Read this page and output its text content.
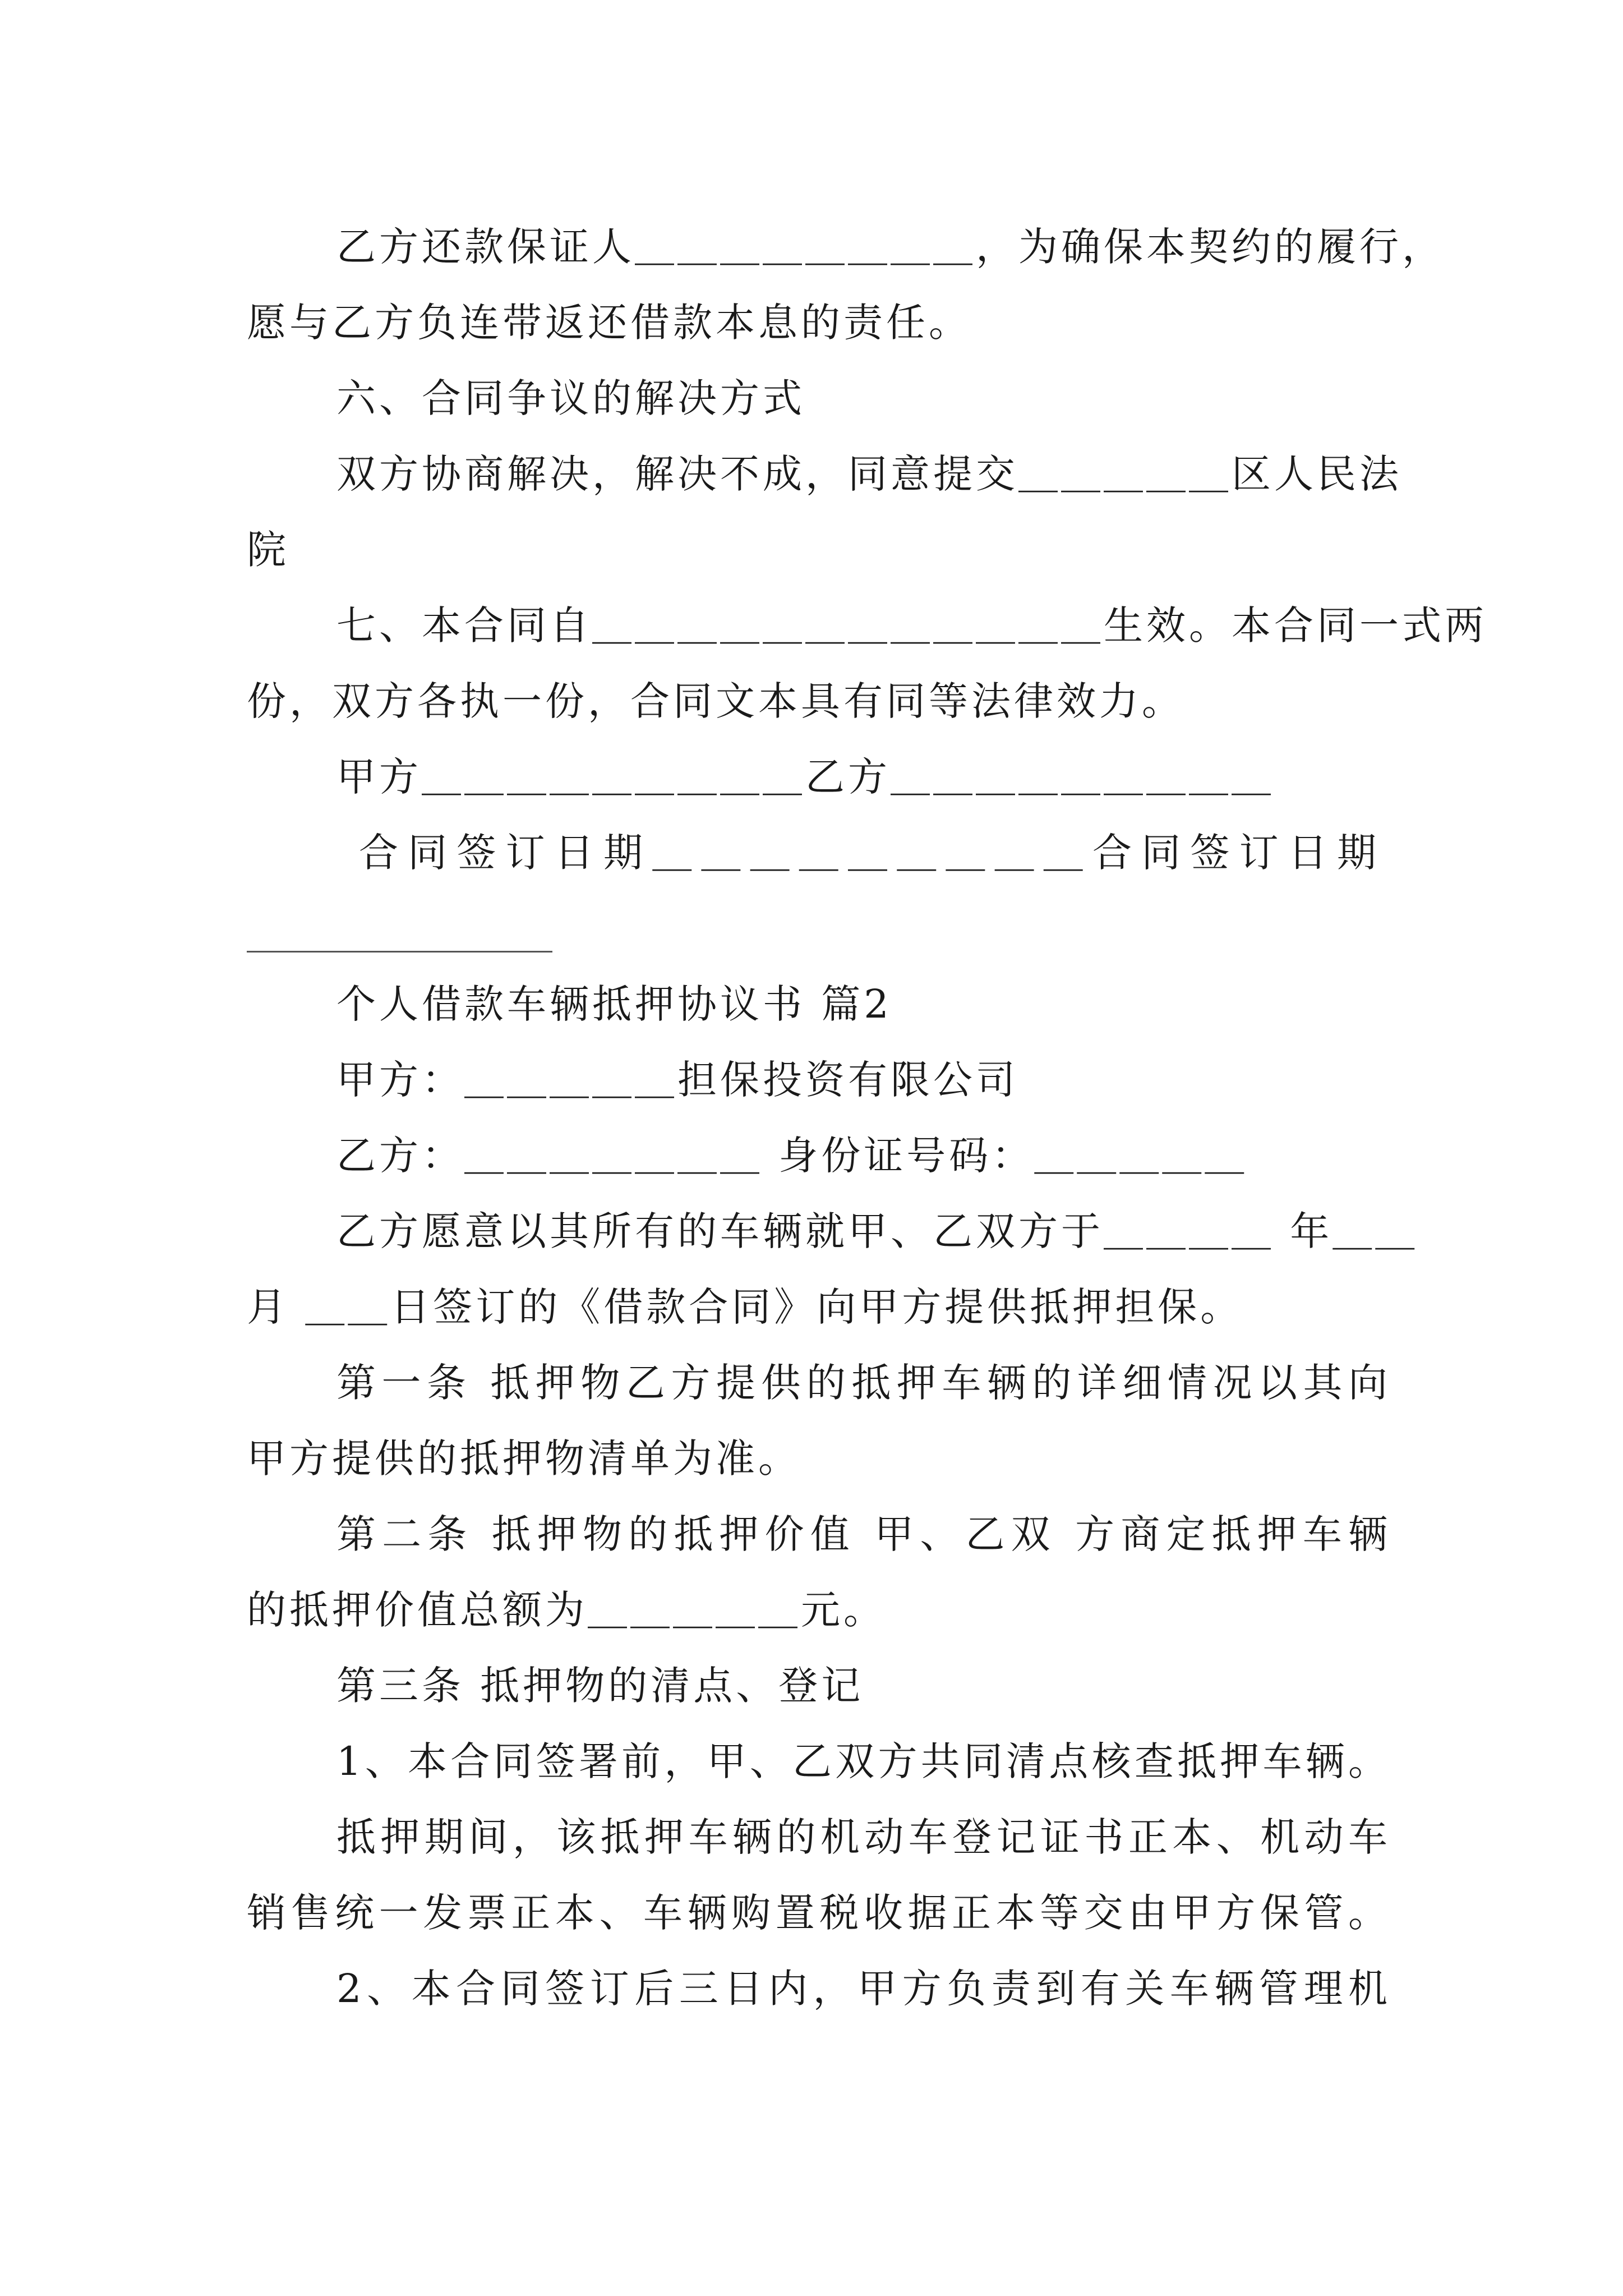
乙方还款保证人＿＿＿＿＿＿＿＿，为确保本契约的履行，
愿与乙方负连带返还借款本息的责任。
六、合同争议的解决方式
双方协商解决，解决不成，同意提交＿＿＿＿＿区人民法
院
七、本合同自＿＿＿＿＿＿＿＿＿＿＿＿生效。本合同一式两
份，双方各执一份，合同文本具有同等法律效力。
甲方＿＿＿＿＿＿＿＿＿乙方＿＿＿＿＿＿＿＿＿
合同签订日期＿＿＿＿＿＿＿＿＿合同签订日期
个人借款车辆抵押协议书 篇2
甲方：＿＿＿＿＿担保投资有限公司
乙方：＿＿＿＿＿＿＿ 身份证号码：＿＿＿＿＿
乙方愿意以其所有的车辆就甲、乙双方于＿＿＿＿ 年＿＿
月 ＿＿日签订的《借款合同》向甲方提供抵押担保。
第一条 抵押物乙方提供的抵押车辆的详细情况以其向
甲方提供的抵押物清单为准。
第二条 抵押物的抵押价值 甲、乙双 方商定抵押车辆
的抵押价值总额为＿＿＿＿＿元。
第三条 抵押物的清点、登记
1、本合同签署前，甲、乙双方共同清点核查抵押车辆。
抵押期间，该抵押车辆的机动车登记证书正本、机动车
销售统一发票正本、车辆购置税收据正本等交由甲方保管。
2、本合同签订后三日内，甲方负责到有关车辆管理机
